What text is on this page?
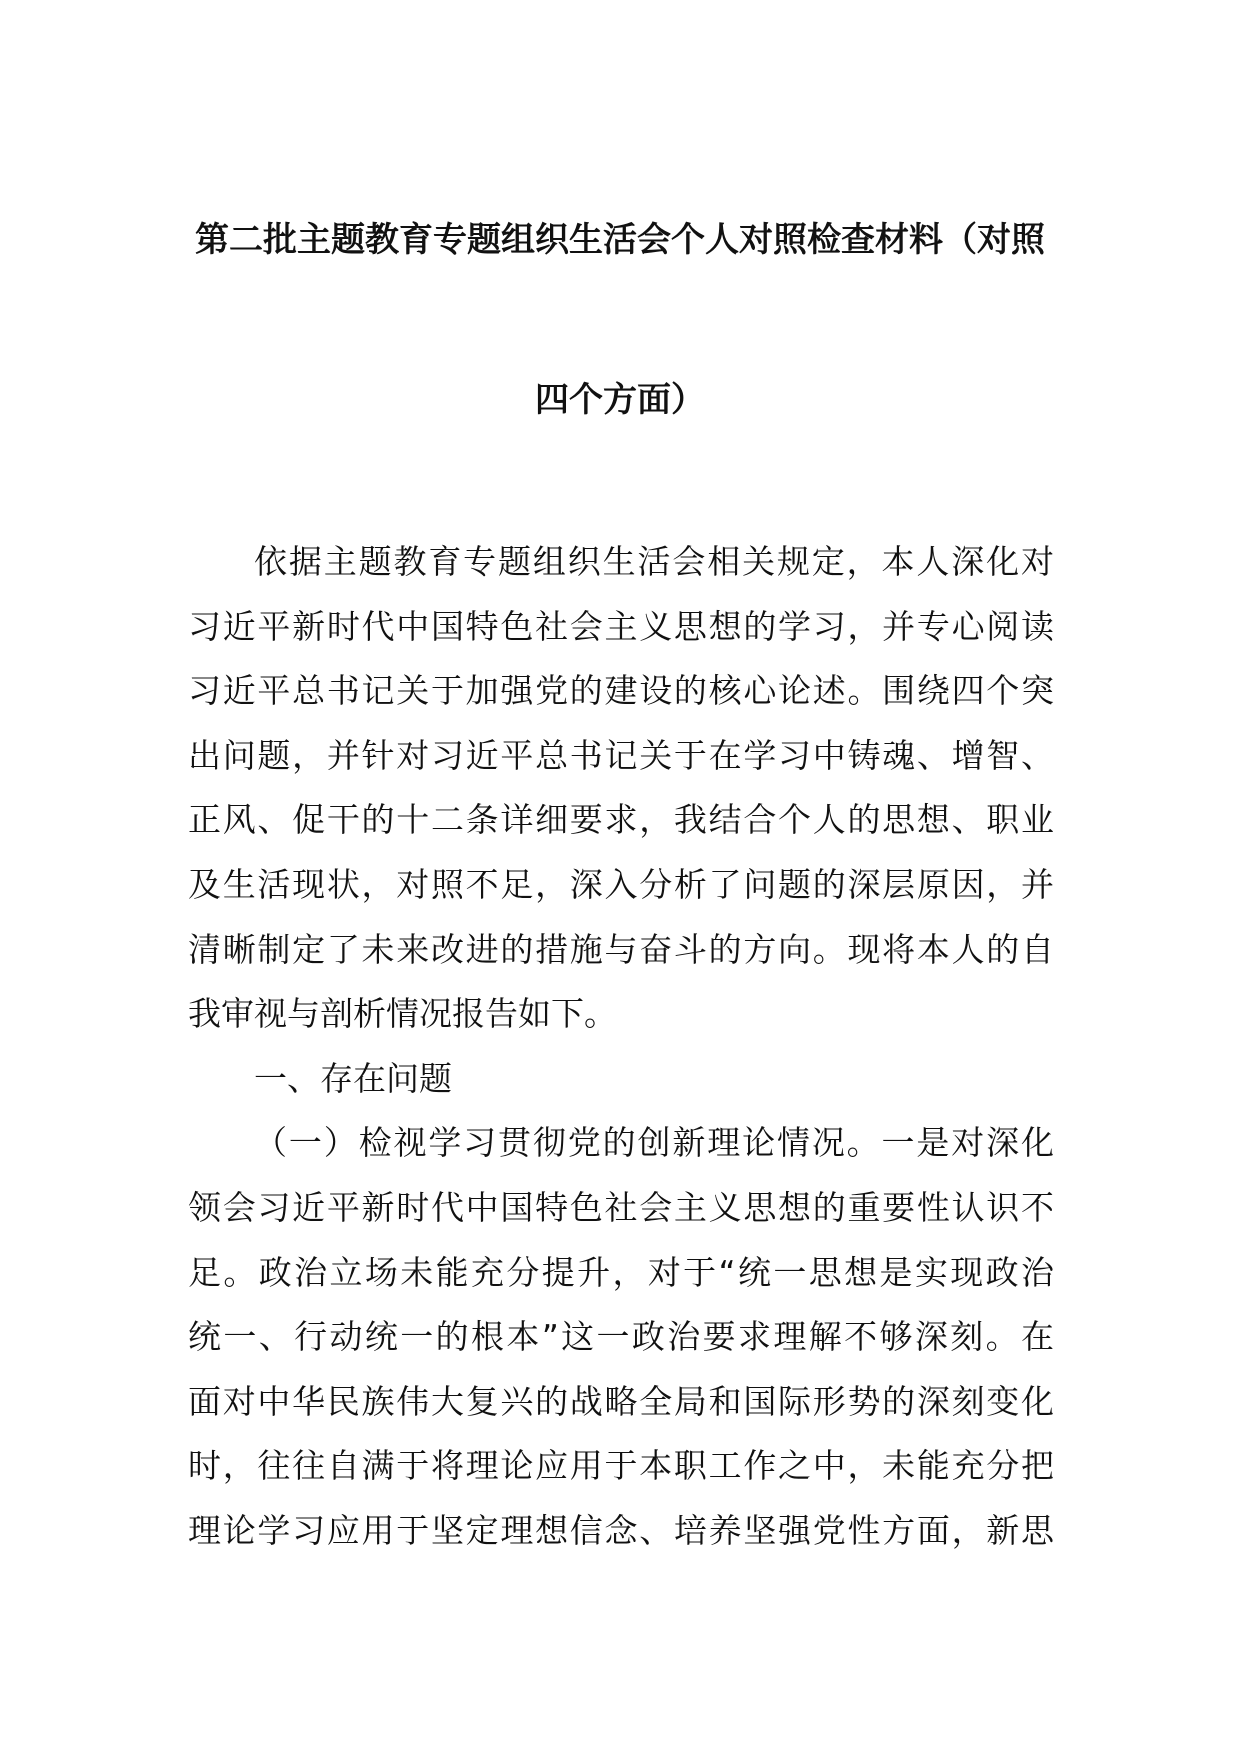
第二批主题教育专题组织生活会个人对照检查材料（对照
四个方面）
依据主题教育专题组织生活会相关规定，本人深化对
习近平新时代中国特色社会主义思想的学习，并专心阅读
习近平总书记关于加强党的建设的核心论述。围绕四个突
出问题，并针对习近平总书记关于在学习中铸魂、增智、
正风、促干的十二条详细要求，我结合个人的思想、职业
及生活现状，对照不足，深入分析了问题的深层原因，并
清晰制定了未来改进的措施与奋斗的方向。现将本人的自
我审视与剖析情况报告如下。
一、存在问题
（一）检视学习贯彻党的创新理论情况。一是对深化
领会习近平新时代中国特色社会主义思想的重要性认识不
足。政治立场未能充分提升，对于“统一思想是实现政治
统一、行动统一的根本”这一政治要求理解不够深刻。在
面对中华民族伟大复兴的战略全局和国际形势的深刻变化
时，往往自满于将理论应用于本职工作之中，未能充分把
理论学习应用于坚定理想信念、培养坚强党性方面，新思
